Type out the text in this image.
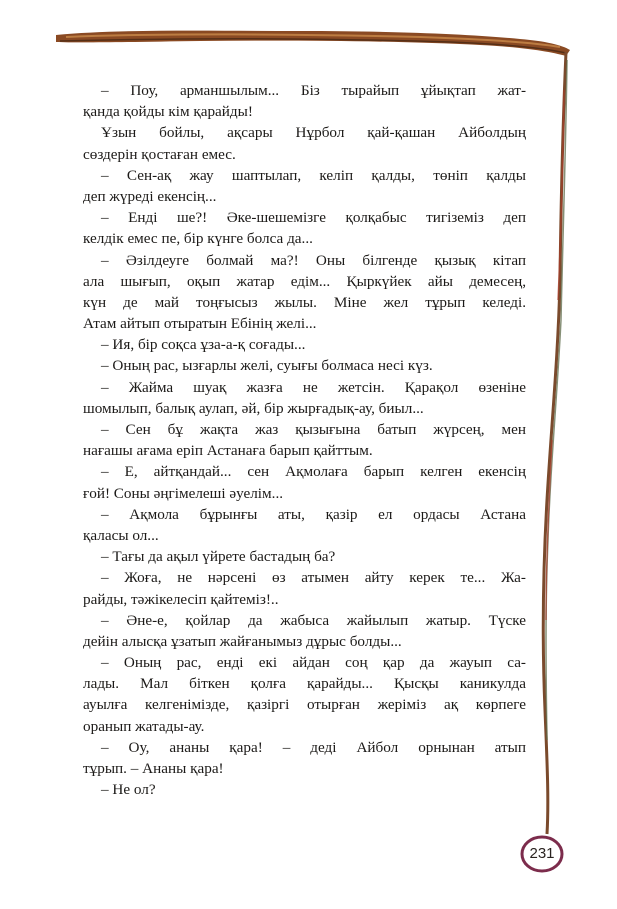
– Поу, арманшылым... Біз тырайып ұйықтап жат-
қанда қойды кім қарайды!
Ұзын бойлы, ақсары Нұрбол қай-қашан Айболдың
сөздерін қостаған емес.
– Сен-ақ жау шаптылап, келіп қалды, төніп қалды
деп жүреді екенсің...
– Енді ше?! Әке-шешемізге қолқабыс тигіземіз деп
келдік емес пе, бір күнге болса да...
– Әзілдеуге болмай ма?! Оны білгенде қызық кітап
ала шығып, оқып жатар едім... Қыркүйек айы демесең,
күн де май тоңғысыз жылы. Міне жел тұрып келеді.
Атам айтып отыратын Ебінің желі...
– Ия, бір соқса ұза-а-қ соғады...
– Оның рас, ызғарлы желі, суығы болмаса несі күз.
– Жайма шуақ жазға не жетсін. Қарақол өзеніне
шомылып, балық аулап, әй, бір жырғадық-ау, биыл...
– Сен бұ жақта жаз қызығына батып жүрсең, мен
нағашы ағама еріп Астанаға барып қайттым.
– Е, айтқандай... сен Ақмолаға барып келген екенсің
ғой! Соны әңгімелеші әуелім...
– Ақмола бұрынғы аты, қазір ел ордасы Астана
қаласы ол...
– Тағы да ақыл үйрете бастадың ба?
– Жоға, не нәрсені өз атымен айту керек те... Жа-
райды, тәжікелесіп қайтеміз!..
– Әне-е, қойлар да жабыса жайылып жатыр. Түске
дейін алысқа ұзатып жайғанымыз дұрыс болды...
– Оның рас, енді екі айдан соң қар да жауып са-
лады. Мал біткен қолға қарайды... Қысқы каникулда
ауылға келгенімізде, қазіргі отырған жеріміз ақ көрпеге
оранып жатады-ау.
– Оу, ананы қара! – деді Айбол орнынан атып
тұрып. – Ананы қара!
– Не ол?
231
